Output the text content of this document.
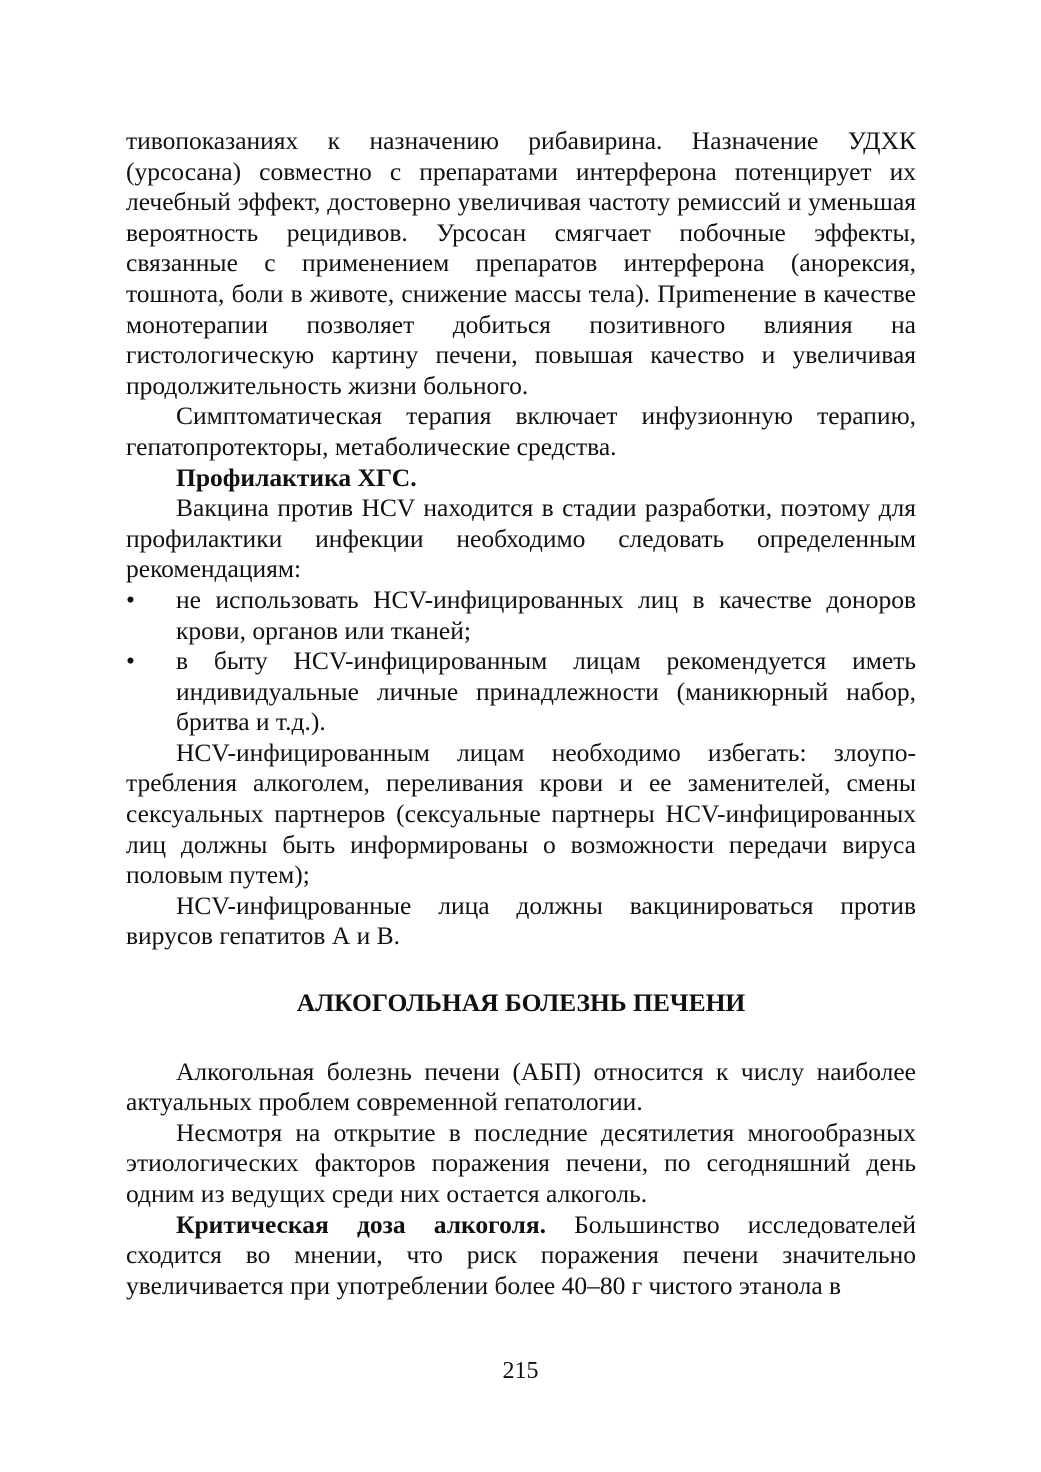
тивопоказаниях к назначению рибавирина. Назначение УДХК (урсосана) совместно с препаратами интерферона потенцирует их лечебный эффект, достоверно увеличивая частоту ремиссий и уменьшая вероятность рецидивов. Урсосан смягчает побочные эффекты, связанные с применением препаратов интерферона (анорексия, тошнота, боли в животе, снижение массы тела). Приmенение в качестве монотерапии позволяет добиться позитивного влияния на гистологическую картину печени, повышая качество и увеличивая продолжительность жизни больного.

Симптоматическая терапия включает инфузионную терапию, гепатопротекторы, метаболические средства.

Профилактика ХГС.

Вакцина против HCV находится в стадии разработки, поэтому для профилактики инфекции необходимо следовать определенным рекомендациям:

•	не использовать HCV-инфицированных лиц в качестве доноров крови, органов или тканей;
•	в быту HCV-инфицированным лицам рекомендуется иметь индивидуальные личные принадлежности (маникюрный набор, бритва и т.д.).

HCV-инфицированным лицам необходимо избегать: злоупотребления алкоголем, переливания крови и ее заменителей, смены сексуальных партнеров (сексуальные партнеры HCV-инфицированных лиц должны быть информированы о возможности передачи вируса половым путем);

HCV-инфицрованные лица должны вакцинироваться против вирусов гепатитов А и В.

АЛКОГОЛЬНАЯ БОЛЕЗНЬ ПЕЧЕНИ

Алкогольная болезнь печени (АБП) относится к числу наиболее актуальных проблем современной гепатологии.

Несмотря на открытие в последние десятилетия многообразных этиологических факторов поражения печени, по сегодняшний день одним из ведущих среди них остается алкоголь.

Критическая доза алкоголя. Большинство исследователей сходится во мнении, что риск поражения печени значительно увеличивается при употреблении более 40–80 г чистого этанола в

215
